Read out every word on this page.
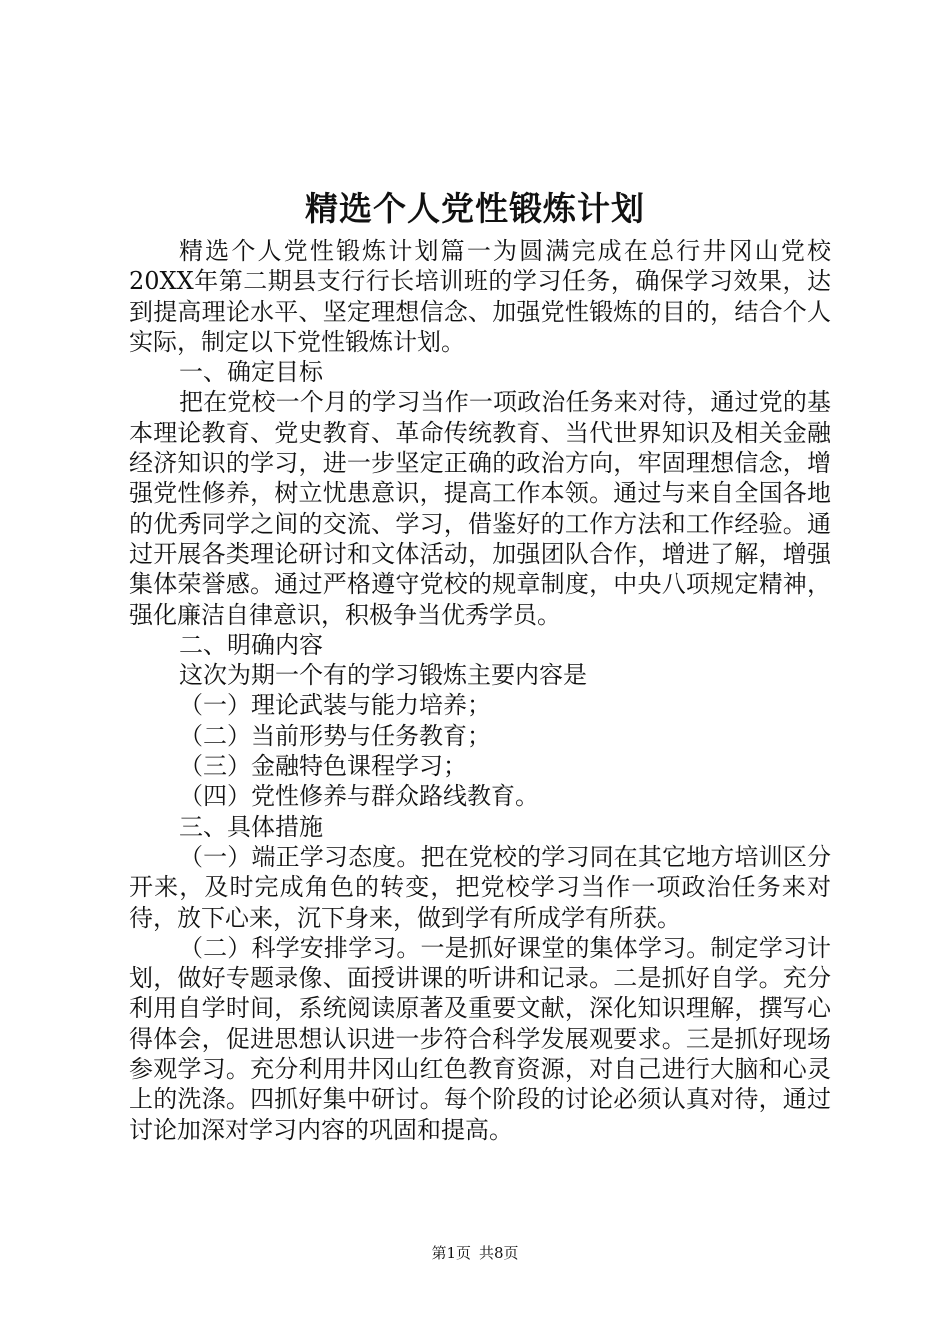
精选个人党性锻炼计划

精选个人党性锻炼计划篇一为圆满完成在总行井冈山党校20XX年第二期县支行行长培训班的学习任务，确保学习效果，达到提高理论水平、坚定理想信念、加强党性锻炼的目的，结合个人实际，制定以下党性锻炼计划。

一、确定目标

把在党校一个月的学习当作一项政治任务来对待，通过党的基本理论教育、党史教育、革命传统教育、当代世界知识及相关金融经济知识的学习，进一步坚定正确的政治方向，牢固理想信念，增强党性修养，树立忧患意识，提高工作本领。通过与来自全国各地的优秀同学之间的交流、学习，借鉴好的工作方法和工作经验。通过开展各类理论研讨和文体活动，加强团队合作，增进了解，增强集体荣誉感。通过严格遵守党校的规章制度，中央八项规定精神，强化廉洁自律意识，积极争当优秀学员。

二、明确内容

这次为期一个有的学习锻炼主要内容是

（一）理论武装与能力培养；

（二）当前形势与任务教育；

（三）金融特色课程学习；

（四）党性修养与群众路线教育。

三、具体措施

（一）端正学习态度。把在党校的学习同在其它地方培训区分开来，及时完成角色的转变，把党校学习当作一项政治任务来对待，放下心来，沉下身来，做到学有所成学有所获。

（二）科学安排学习。一是抓好课堂的集体学习。制定学习计划，做好专题录像、面授讲课的听讲和记录。二是抓好自学。充分利用自学时间，系统阅读原著及重要文献，深化知识理解，撰写心得体会，促进思想认识进一步符合科学发展观要求。三是抓好现场参观学习。充分利用井冈山红色教育资源，对自己进行大脑和心灵上的洗涤。四抓好集中研讨。每个阶段的讨论必须认真对待，通过讨论加深对学习内容的巩固和提高。

第1页 共8页
